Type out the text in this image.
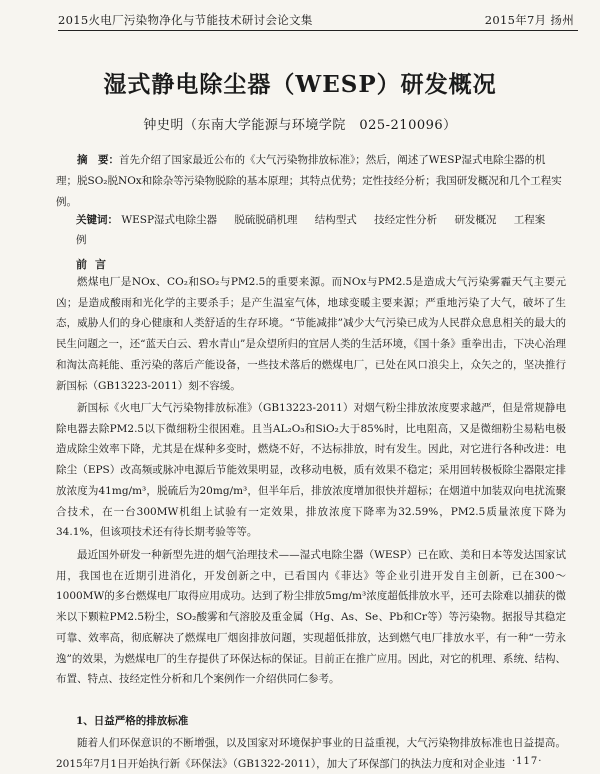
2015火电厂污染物净化与节能技术研讨会论文集	2015年7月 扬州
湿式静电除尘器（WESP）研发概况
钟史明（东南大学能源与环境学院　025-210096）
摘　要：首先介绍了国家最近公布的《大气污染物排放标准》；然后，阐述了WESP湿式电除尘器的机理；脱SO₂脱NOx和除杂等污染物脱除的基本原理；其特点优势；定性技经分析；我国研发概况和几个工程实例。
关键词： WESP湿式电除尘器 脱硫脱硝机理 结构型式 技经定性分析 研发概况 工程案例
前言
燃煤电厂是NOx、CO₂和SO₂与PM2.5的重要来源。而NOx与PM2.5是造成大气污染雾霾天气主要元凶；是造成酸雨和光化学的主要杀手；是产生温室气体，地球变暖主要来源；严重地污染了大气，破坏了生态，威胁人们的身心健康和人类舒适的生存环境。“节能减排”减少大气污染已成为人民群众息息相关的最大的民生问题之一，还“蓝天白云、碧水青山”是众望所归的宜居人类的生活环境，《国十条》重拳出击，下决心治理和淘汰高耗能、重污染的落后产能设备，一些技术落后的燃煤电厂，已处在风口浪尖上，众矢之的，坚决推行新国标（GB13223-2011）刻不容缓。
新国标《火电厂大气污染物排放标准》（GB13223-2011）对烟气粉尘排放浓度要求越严，但是常规静电除电器去除PM2.5以下微细粉尘很困难。且当AL₂O₃和SiO₂大于85%时，比电阻高，又是微细粉尘易粘电极造成除尘效率下降，尤其是在煤种多变时，燃烧不好，不达标排放，时有发生。因此，对它进行各种改进：电除尘（EPS）改高频或脉冲电源后节能效果明显，改移动电极，质有效果不稳定；采用回转极板除尘器限定排放浓度为41mg/m³，脱硫后为20mg/m³，但半年后，排放浓度增加很快并超标；在烟道中加装双向电扰流聚合技术，在一台300MW机组上试验有一定效果，排放浓度下降率为32.59%，PM2.5质量浓度下降为34.1%，但该项技术还有待长期考验等等。
最近国外研发一种新型先进的烟气治理技术——湿式电除尘器（WESP）已在欧、美和日本等发达国家试用，我国也在近期引进消化，开发创新之中，已看国内《菲达》等企业引进开发自主创新，已在300～1000MW的多台燃煤电厂取得应用成功。达到了粉尘排放5mg/m³浓度超低排放水平，还可去除难以捕获的微米以下颗粒PM2.5粉尘，SO₂酸雾和气溶胶及重金属（Hg、As、Se、Pb和Cr等）等污染物。据报导其稳定可靠、效率高，彻底解决了燃煤电厂烟囱排放问题，实现超低排放，达到燃气电厂排放水平，有一种“一劳永逸”的效果，为燃煤电厂的生存提供了环保达标的保证。目前正在推广应用。因此，对它的机理、系统、结构、布置、特点、技经定性分析和几个案例作一介绍供同仁参考。
1、日益严格的排放标准
随着人们环保意识的不断增强，以及国家对环境保护事业的日益重视，大气污染物排放标准也日益提高。2015年7月1日开始执行新《环保法》（GB1322-2011），加大了环保部门的执法力度和对企业违 ·117·
